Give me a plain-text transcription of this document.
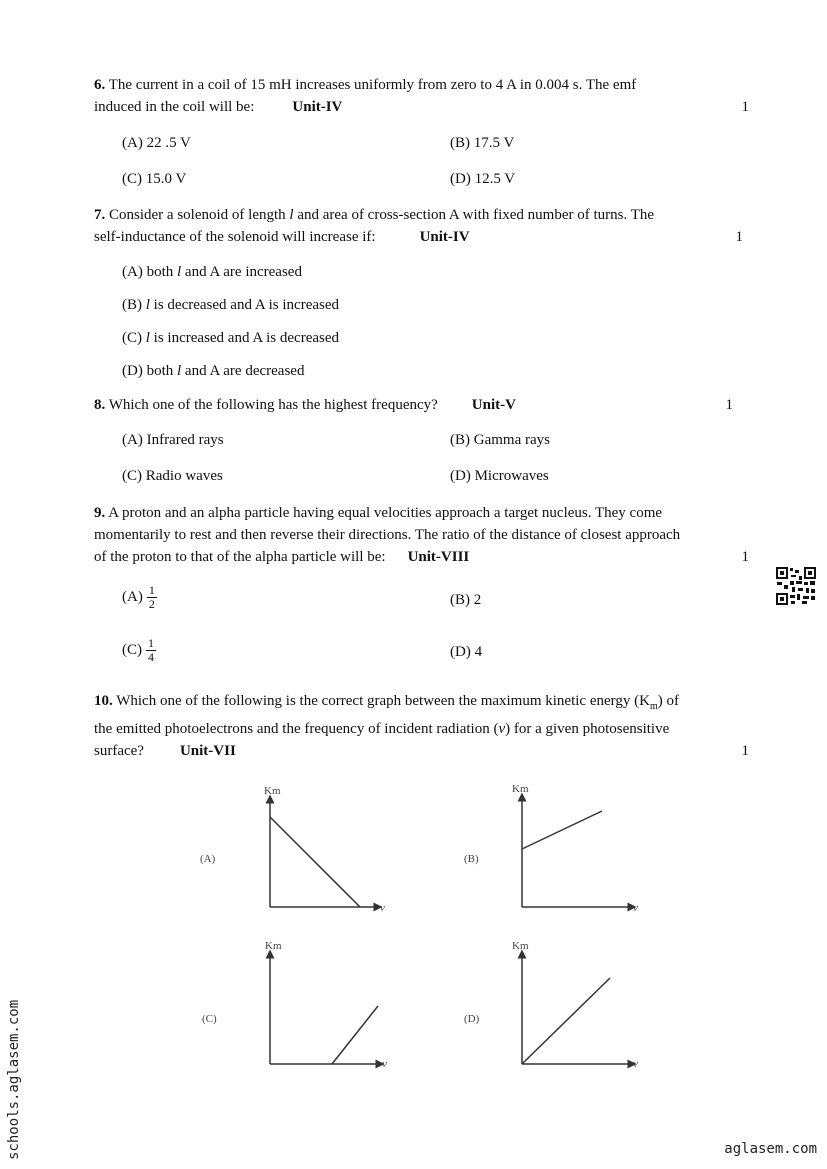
6. The current in a coil of 15 mH increases uniformly from zero to 4 A in 0.004 s. The emf
induced in the coil will be:	Unit-IV	1
(A) 22 .5 V	(B) 17.5 V
(C) 15.0 V	(D) 12.5 V
7. Consider a solenoid of length l and area of cross-section A with fixed number of turns. The
self-inductance of the solenoid will increase if:	Unit-IV	1
(A) both l and A are increased
(B) l is decreased and A is increased
(C) l is increased and A is decreased
(D) both l and A are decreased
8. Which one of the following has the highest frequency? Unit-V	1
(A) Infrared rays	(B) Gamma rays
(C) Radio waves	(D) Microwaves
9. A proton and an alpha particle having equal velocities approach a target nucleus. They come
momentarily to rest and then reverse their directions. The ratio of the distance of closest approach
of the proton to that of the alpha particle will be: Unit-VIII	1
$(A) \frac{1}{2}$	(B) 2
$(C) \frac{1}{4}$	(D) 4
10. Which one of the following is the correct graph between the maximum kinetic energy $(K_m)$ of
the emitted photoelectrons and the frequency of incident radiation (v) for a given photosensitive
surface? Unit-VII	1
(A)
Km
v
(B)
Km
v
(C)
Km
v
(D)
Km
v
schools.aglasem.com	aglasem.com
